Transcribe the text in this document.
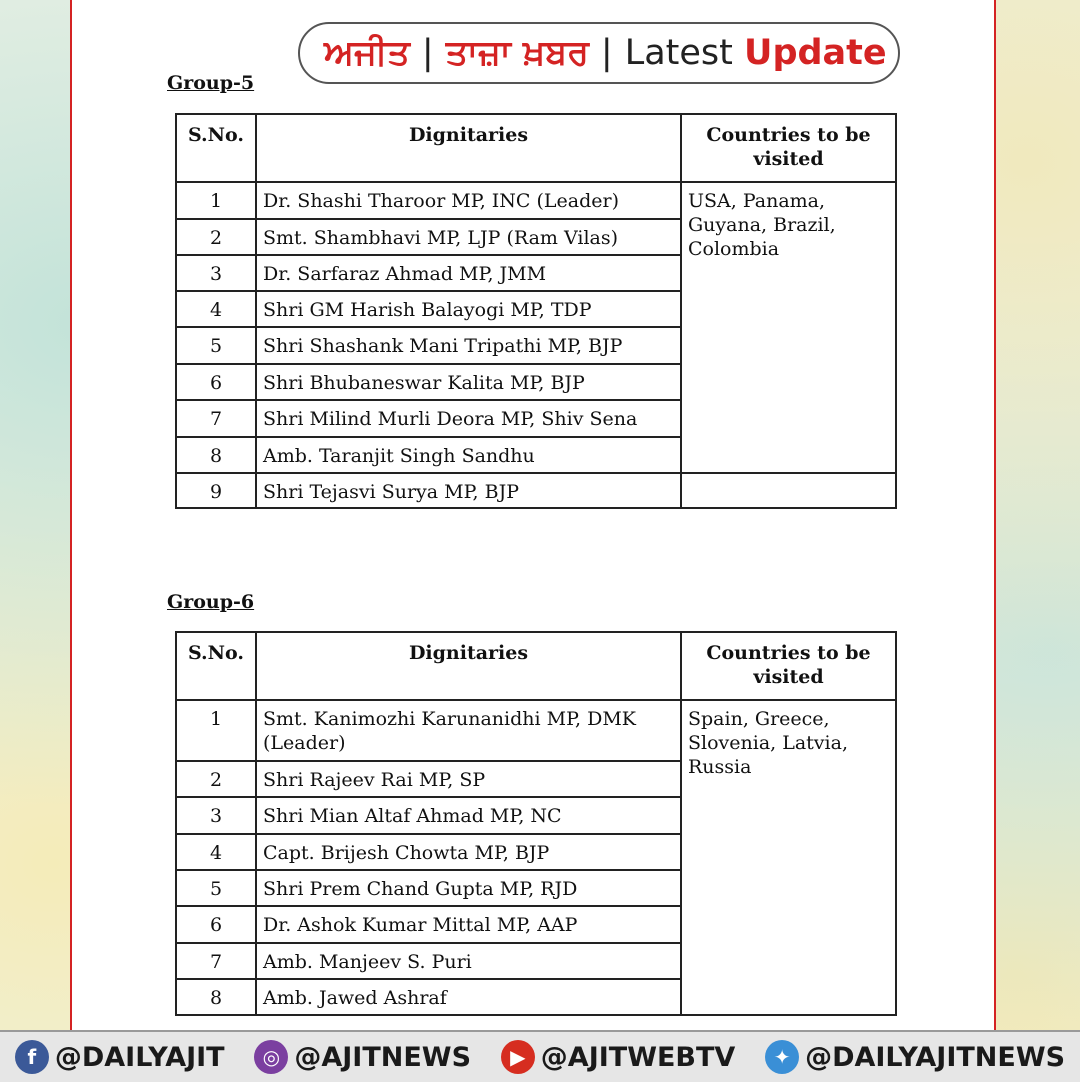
ਅਜੀਤ | ਤਾਜ਼ਾ ਖ਼ਬਰ | Latest
Update
Group-5
S.No.	Dignitaries	Countries to be visited
1	Dr. Shashi Tharoor MP, INC (Leader)	USA, Panama, Guyana, Brazil, Colombia
2	Smt. Shambhavi MP, LJP (Ram Vilas)	
3	Dr. Sarfaraz Ahmad MP, JMM	
4	Shri GM Harish Balayogi MP, TDP	
5	Shri Shashank Mani Tripathi MP, BJP	
6	Shri Bhubaneswar Kalita MP, BJP	
7	Shri Milind Murli Deora MP, Shiv Sena	
8	Amb. Taranjit Singh Sandhu	
9	Shri Tejasvi Surya MP, BJP	
Group-6
S.No.	Dignitaries	Countries to be visited
1	Smt. Kanimozhi Karunanidhi MP, DMK (Leader)	Spain, Greece, Slovenia, Latvia, Russia
2	Shri Rajeev Rai MP, SP	
3	Shri Mian Altaf Ahmad MP, NC	
4	Capt. Brijesh Chowta MP, BJP	
5	Shri Prem Chand Gupta MP, RJD	
6	Dr. Ashok Kumar Mittal MP, AAP	
7	Amb. Manjeev S. Puri	
8	Amb. Jawed Ashraf	
f @DAILYAJIT	◎ @AJITNEWS	▶ @AJITWEBTV	✦ @DAILYAJITNEWS
